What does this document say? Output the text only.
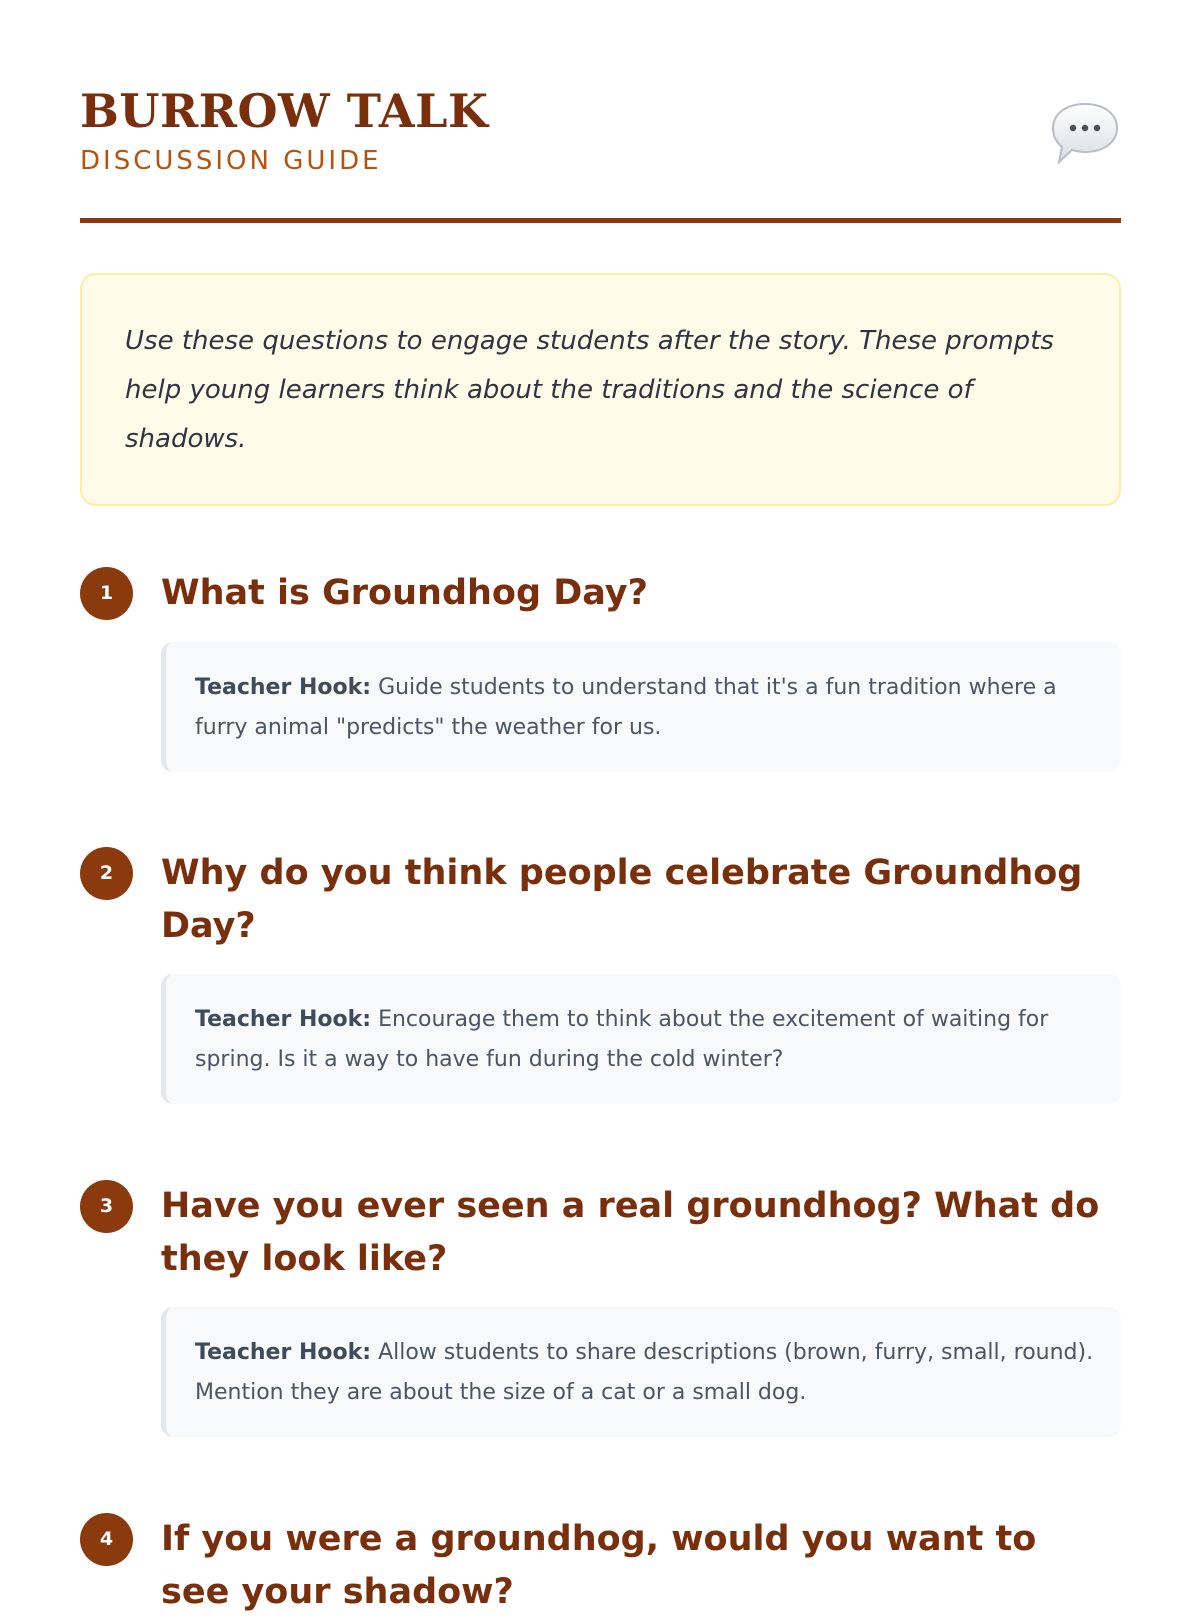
BURROW TALK
DISCUSSION GUIDE

Use these questions to engage students after the story. These prompts help young learners think about the traditions and the science of shadows.

1	What is Groundhog Day?

Teacher Hook: Guide students to understand that it's a fun tradition where a furry animal "predicts" the weather for us.

2	Why do you think people celebrate Groundhog Day?

Teacher Hook: Encourage them to think about the excitement of waiting for spring. Is it a way to have fun during the cold winter?

3	Have you ever seen a real groundhog? What do they look like?

Teacher Hook: Allow students to share descriptions (brown, furry, small, round). Mention they are about the size of a cat or a small dog.

4	If you were a groundhog, would you want to see your shadow?
